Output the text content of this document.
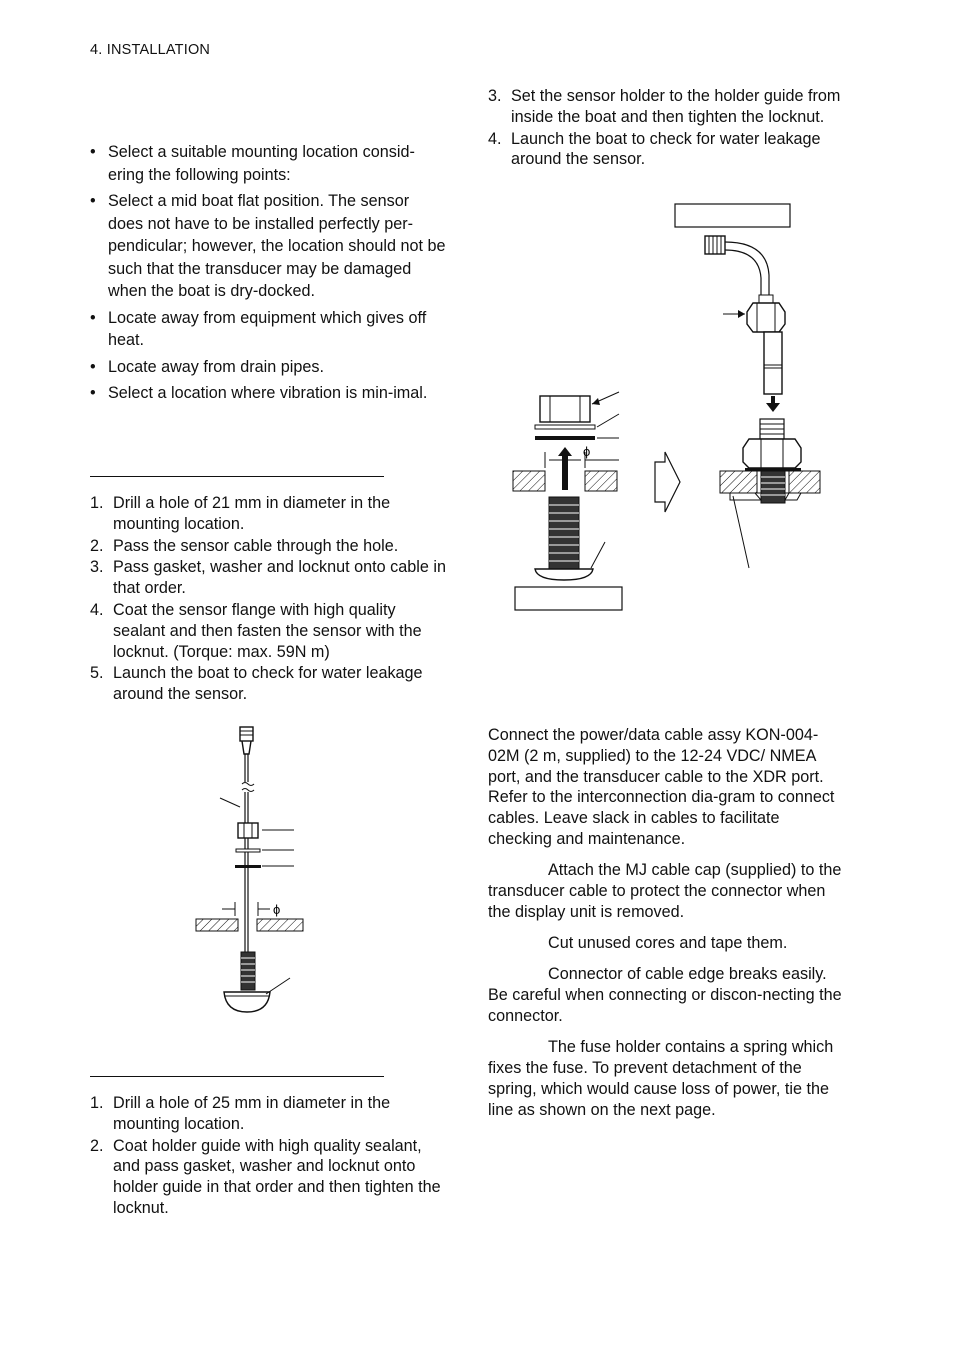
4. INSTALLATION
• Select a suitable mounting location consid-ering the following points:
• Select a mid boat flat position. The sensor does not have to be installed perfectly per-pendicular; however, the location should not be such that the transducer may be damaged when the boat is dry-docked.
• Locate away from equipment which gives off heat.
• Locate away from drain pipes.
• Select a location where vibration is min-imal.
1. Drill a hole of 21 mm in diameter in the mounting location.
2. Pass the sensor cable through the hole.
3. Pass gasket, washer and locknut onto cable in that order.
4. Coat the sensor flange with high quality sealant and then fasten the sensor with the locknut. (Torque: max. 59N m)
5. Launch the boat to check for water leakage around the sensor.
ϕ
1. Drill a hole of 25 mm in diameter in the mounting location.
2. Coat holder guide with high quality sealant, and pass gasket, washer and locknut onto holder guide in that order and then tighten the locknut.
3. Set the sensor holder to the holder guide from inside the boat and then tighten the locknut.
4. Launch the boat to check for water leakage around the sensor.
ϕ

Connect the power/data cable assy KON-004-02M (2 m, supplied) to the 12-24 VDC/ NMEA port, and the transducer cable to the XDR port. Refer to the interconnection dia-gram to connect cables. Leave slack in cables to facilitate checking and maintenance.

Attach the MJ cable cap (supplied) to the transducer cable to protect the connector when the display unit is removed.

Cut unused cores and tape them.

Connector of cable edge breaks easily. Be careful when connecting or discon-necting the connector.

The fuse holder contains a spring which fixes the fuse. To prevent detachment of the spring, which would cause loss of power, tie the line as shown on the next page.
